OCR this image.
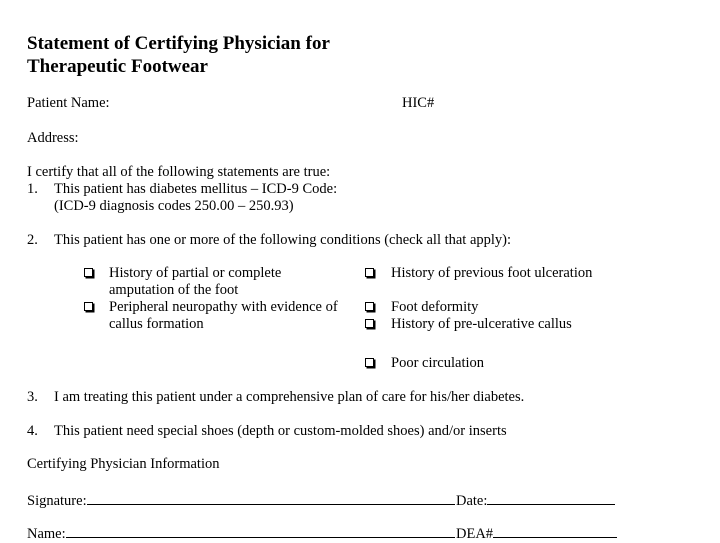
Statement of Certifying Physician for
Therapeutic Footwear
Patient Name:	HIC#
Address:
I certify that all of the following statements are true:
1. This patient has diabetes mellitus – ICD-9 Code:
(ICD-9 diagnosis codes 250.00 – 250.93)
2. This patient has one or more of the following conditions (check all that apply):
History of partial or complete
amputation of the foot
Peripheral neuropathy with evidence of
callus formation
History of previous foot ulceration
Foot deformity
History of pre-ulcerative callus
Poor circulation
3. I am treating this patient under a comprehensive plan of care for his/her diabetes.
4. This patient need special shoes (depth or custom-molded shoes) and/or inserts
Certifying Physician Information
Signature:	Date:
Name:	DEA#
